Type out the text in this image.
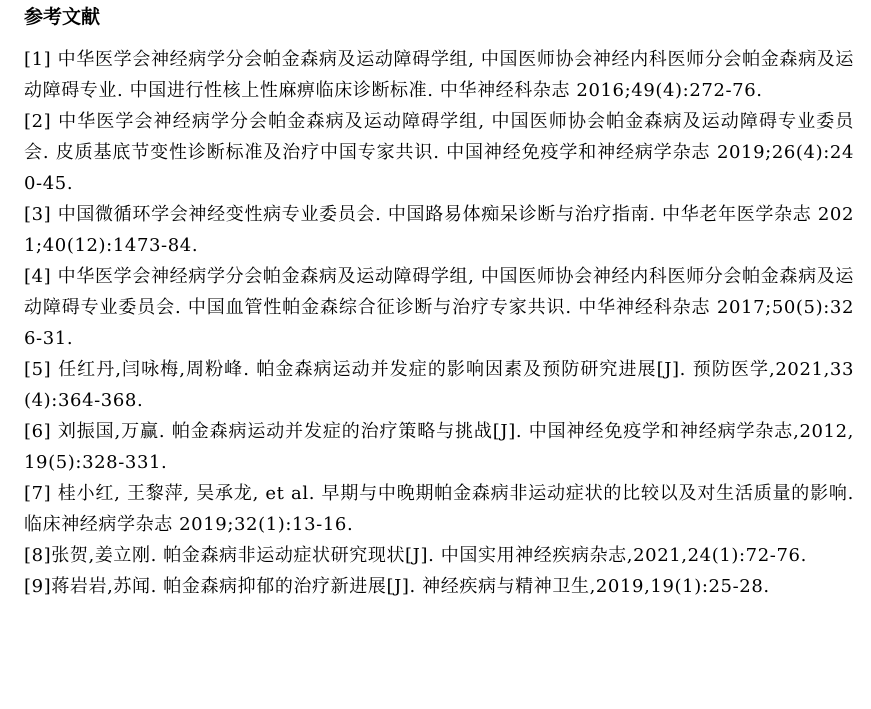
参考文献
[1] 中华医学会神经病学分会帕金森病及运动障碍学组, 中国医师协会神经内科医师分会帕金森病及运动障碍专业. 中国进行性核上性麻痹临床诊断标准. 中华神经科杂志 2016;49(4):272-76.
[2] 中华医学会神经病学分会帕金森病及运动障碍学组, 中国医师协会帕金森病及运动障碍专业委员会. 皮质基底节变性诊断标准及治疗中国专家共识. 中国神经免疫学和神经病学杂志 2019;26(4):240-45.
[3] 中国微循环学会神经变性病专业委员会. 中国路易体痴呆诊断与治疗指南. 中华老年医学杂志 2021;40(12):1473-84.
[4] 中华医学会神经病学分会帕金森病及运动障碍学组, 中国医师协会神经内科医师分会帕金森病及运动障碍专业委员会. 中国血管性帕金森综合征诊断与治疗专家共识. 中华神经科杂志 2017;50(5):326-31.
[5] 任红丹,闫咏梅,周粉峰. 帕金森病运动并发症的影响因素及预防研究进展[J]. 预防医学,2021,33(4):364-368.
[6] 刘振国,万赢. 帕金森病运动并发症的治疗策略与挑战[J]. 中国神经免疫学和神经病学杂志,2012,19(5):328-331.
[7] 桂小红, 王黎萍, 吴承龙, et al. 早期与中晚期帕金森病非运动症状的比较以及对生活质量的影响. 临床神经病学杂志 2019;32(1):13-16.
[8]张贺,姜立刚. 帕金森病非运动症状研究现状[J]. 中国实用神经疾病杂志,2021,24(1):72-76.
[9]蒋岩岩,苏闻. 帕金森病抑郁的治疗新进展[J]. 神经疾病与精神卫生,2019,19(1):25-28.
